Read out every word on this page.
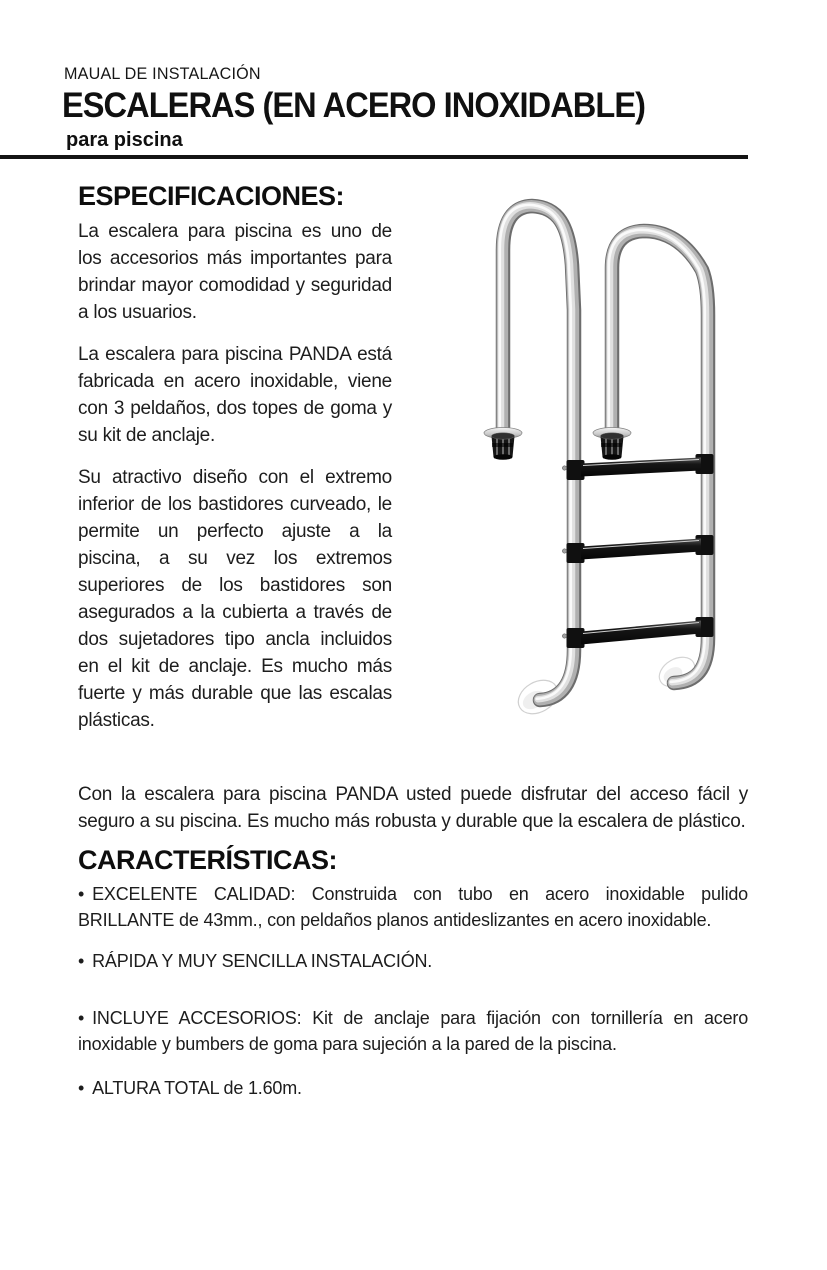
MAUAL DE INSTALACIÓN
ESCALERAS (EN ACERO INOXIDABLE)
para piscina
ESPECIFICACIONES:

La escalera para piscina es uno de los accesorios más importantes para brindar mayor comodidad y seguridad a los usuarios.

La escalera para piscina PANDA está fabricada en acero inoxidable, viene con 3 peldaños, dos topes de goma y su kit de anclaje.

Su atractivo diseño con el extremo inferior de los bastidores curveado, le permite un perfecto ajuste a la piscina, a su vez los extremos superiores de los bastidores son asegurados a la cubierta a través de dos sujetadores tipo ancla incluidos en el kit de anclaje. Es mucho más fuerte y más durable que las escalas plásticas.

Con la escalera para piscina PANDA usted puede disfrutar del acceso fácil y seguro a su piscina. Es mucho más robusta y durable que la escalera de plástico.

CARACTERÍSTICAS:

• EXCELENTE CALIDAD: Construida con tubo en acero inoxidable pulido BRILLANTE de 43mm., con peldaños planos antideslizantes en acero inoxidable.

• RÁPIDA Y MUY SENCILLA INSTALACIÓN.

• INCLUYE ACCESORIOS: Kit de anclaje para fijación con tornillería en acero inoxidable y bumbers de goma para sujeción a la pared de la piscina.

• ALTURA TOTAL de 1.60m.
